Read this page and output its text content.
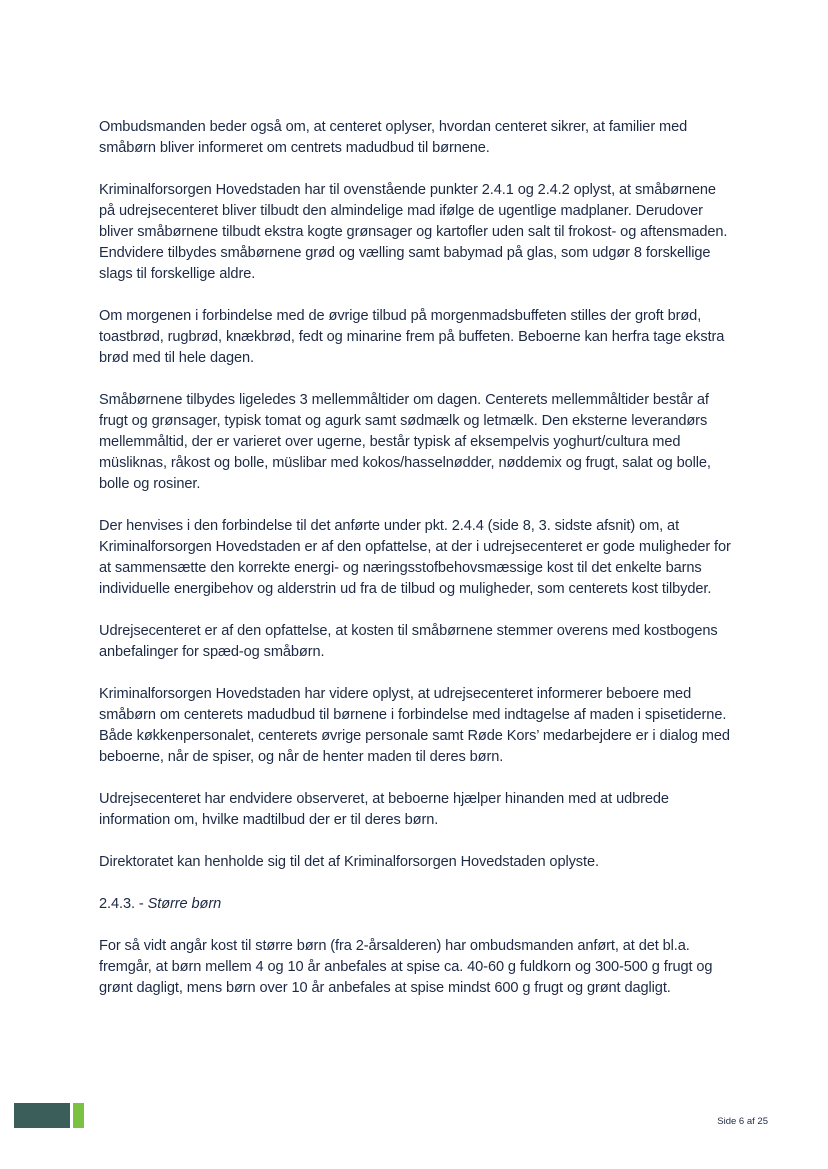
Ombudsmanden beder også om, at centeret oplyser, hvordan centeret sikrer, at familier med småbørn bliver informeret om centrets madudbud til børnene.

Kriminalforsorgen Hovedstaden har til ovenstående punkter 2.4.1 og 2.4.2 oplyst, at småbørnene på udrejsecenteret bliver tilbudt den almindelige mad ifølge de ugentlige madplaner. Derudover bliver småbørnene tilbudt ekstra kogte grønsager og kartofler uden salt til frokost- og aftensmaden. Endvidere tilbydes småbørnene grød og vælling samt babymad på glas, som udgør 8 forskellige slags til forskellige aldre.

Om morgenen i forbindelse med de øvrige tilbud på morgenmadsbuffeten stilles der groft brød, toastbrød, rugbrød, knækbrød, fedt og minarine frem på buffeten. Beboerne kan herfra tage ekstra brød med til hele dagen.

Småbørnene tilbydes ligeledes 3 mellemmåltider om dagen. Centerets mellemmåltider består af frugt og grønsager, typisk tomat og agurk samt sødmælk og letmælk. Den eksterne leverandørs mellemmåltid, der er varieret over ugerne, består typisk af eksempelvis yoghurt/cultura med müsliknas, råkost og bolle, müslibar med kokos/hasselnødder, nøddemix og frugt, salat og bolle, bolle og rosiner.

Der henvises i den forbindelse til det anførte under pkt. 2.4.4 (side 8, 3. sidste afsnit) om, at Kriminalforsorgen Hovedstaden er af den opfattelse, at der i udrejsecenteret er gode muligheder for at sammensætte den korrekte energi- og næringsstofbehovsmæssige kost til det enkelte barns individuelle energibehov og alderstrin ud fra de tilbud og muligheder, som centerets kost tilbyder.

Udrejsecenteret er af den opfattelse, at kosten til småbørnene stemmer overens med kostbogens anbefalinger for spæd-og småbørn.

Kriminalforsorgen Hovedstaden har videre oplyst, at udrejsecenteret informerer beboere med småbørn om centerets madudbud til børnene i forbindelse med indtagelse af maden i spisetiderne. Både køkkenpersonalet, centerets øvrige personale samt Røde Kors’ medarbejdere er i dialog med beboerne, når de spiser, og når de henter maden til deres børn.

Udrejsecenteret har endvidere observeret, at beboerne hjælper hinanden med at udbrede information om, hvilke madtilbud der er til deres børn.

Direktoratet kan henholde sig til det af Kriminalforsorgen Hovedstaden oplyste.

2.4.3. - Større børn

For så vidt angår kost til større børn (fra 2-årsalderen) har ombudsmanden anført, at det bl.a. fremgår, at børn mellem 4 og 10 år anbefales at spise ca. 40-60 g fuldkorn og 300-500 g frugt og grønt dagligt, mens børn over 10 år anbefales at spise mindst 600 g frugt og grønt dagligt.

Side 6 af 25
